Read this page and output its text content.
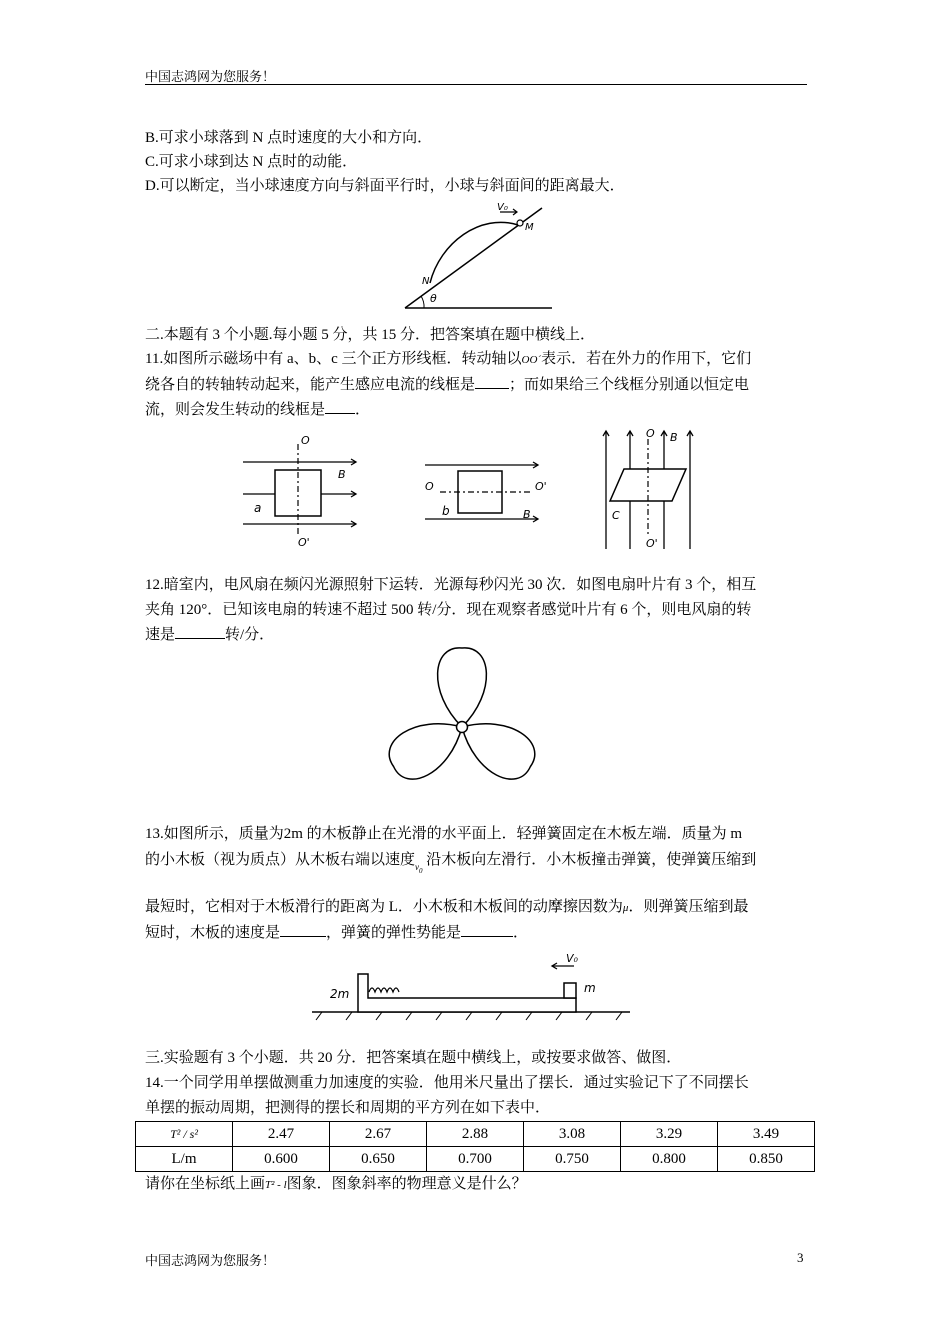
中国志鸿网为您服务！
B.可求小球落到 N 点时速度的大小和方向．
C.可求小球到达 N 点时的动能．
D.可以断定，当小球速度方向与斜面平行时，小球与斜面间的距离最大．
V₀
M
N
θ
二.本题有 3 个小题.每小题 5 分，共 15 分．把答案填在题中横线上．
11.如图所示磁场中有 a、b、c 三个正方形线框．转动轴以OO´表示．若在外力的作用下，它们
绕各自的转轴转动起来，能产生感应电流的线框是 ；而如果给三个线框分别通以恒定电
流，则会发生转动的线框是 ．
O
B
a
O'
O	O'
b	B
O B
C
O'
12.暗室内，电风扇在频闪光源照射下运转．光源每秒闪光 30 次．如图电扇叶片有 3 个，相互
夹角 120°．已知该电扇的转速不超过 500 转/分．现在观察者感觉叶片有 6 个，则电风扇的转
速是	转/分．
13.如图所示，质量为2m 的木板静止在光滑的水平面上．轻弹簧固定在木板左端．质量为 m
的小木板（视为质点）从木板右端以速度$_{v_0}$ 沿木板向左滑行．小木板撞击弹簧，使弹簧压缩到
最短时，它相对于木板滑行的距离为 L．小木板和木板间的动摩擦因数为μ．则弹簧压缩到最
短时，木板的速度是	，弹簧的弹性势能是	．
2m
V₀
m
三.实验题有 3 个小题．共 20 分．把答案填在题中横线上，或按要求做答、做图．
14.一个同学用单摆做测重力加速度的实验．他用米尺量出了摆长．通过实验记下了不同摆长
单摆的振动周期，把测得的摆长和周期的平方列在如下表中．
T² / s²	2.47	2.67	2.88	3.08	3.29	3.49
L/m	0.600	0.650	0.700	0.750	0.800	0.850
请你在坐标纸上画T² - l图象．图象斜率的物理意义是什么？
中国志鸿网为您服务！	3
